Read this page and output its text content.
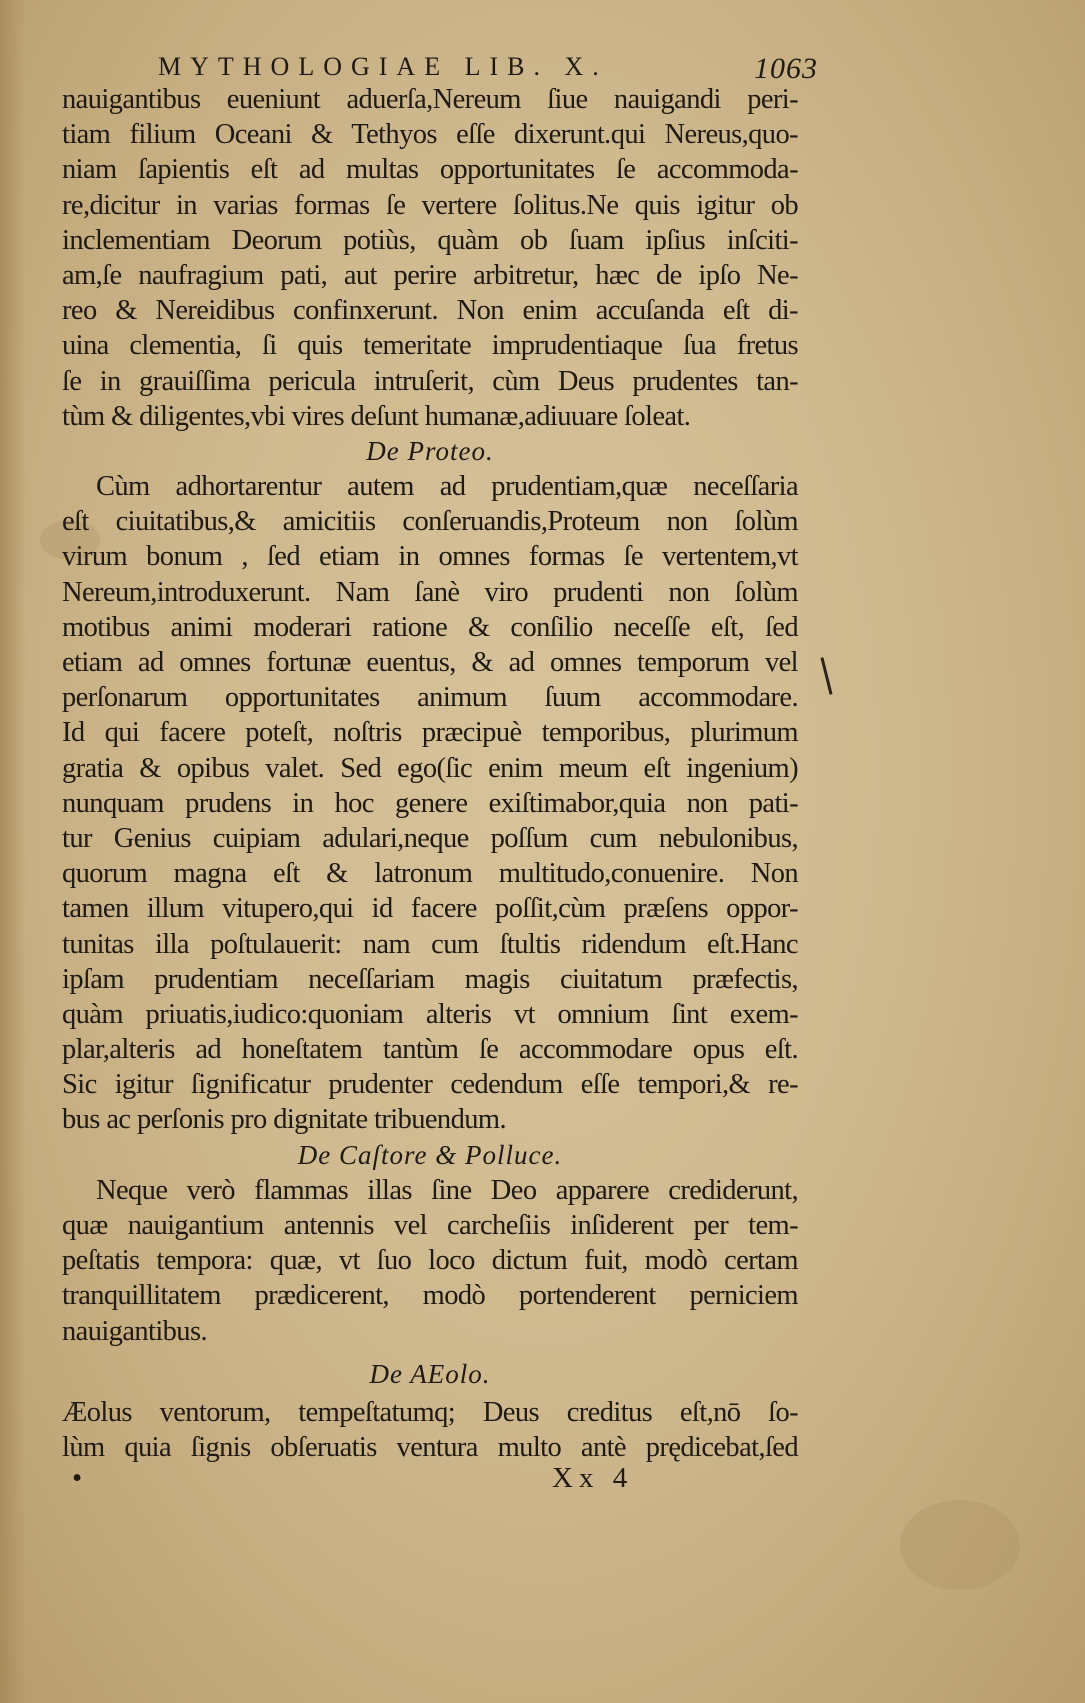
MYTHOLOGIAE LIB. X.	1063
nauigantibus eueniunt aduerſa,Nereum ſiue nauigandi peri-
tiam filium Oceani & Tethyos eſſe dixerunt.qui Nereus,quo-
niam ſapientis eſt ad multas opportunitates ſe accommoda-
re,dicitur in varias formas ſe vertere ſolitus.Ne quis igitur ob
inclementiam Deorum potiùs, quàm ob ſuam ipſius inſciti-
am,ſe naufragium pati, aut perire arbitretur, hæc de ipſo Ne-
reo & Nereidibus confinxerunt. Non enim accuſanda eſt di-
uina clementia, ſi quis temeritate imprudentiaque ſua fretus
ſe in grauiſſima pericula intruſerit, cùm Deus prudentes tan-
tùm & diligentes,vbi vires deſunt humanæ,adiuuare ſoleat.
De Proteo.
Cùm adhortarentur autem ad prudentiam,quæ neceſſaria
eſt ciuitatibus,& amicitiis conſeruandis,Proteum non ſolùm
virum bonum , ſed etiam in omnes formas ſe vertentem,vt
Nereum,introduxerunt. Nam ſanè viro prudenti non ſolùm
motibus animi moderari ratione & conſilio neceſſe eſt, ſed
etiam ad omnes fortunæ euentus, & ad omnes temporum vel
perſonarum opportunitates animum ſuum accommodare.
Id qui facere poteſt, noſtris præcipuè temporibus, plurimum
gratia & opibus valet. Sed ego(ſic enim meum eſt ingenium)
nunquam prudens in hoc genere exiſtimabor,quia non pati-
tur Genius cuipiam adulari,neque poſſum cum nebulonibus,
quorum magna eſt & latronum multitudo,conuenire. Non
tamen illum vitupero,qui id facere poſſit,cùm præſens oppor-
tunitas illa poſtulauerit: nam cum ſtultis ridendum eſt.Hanc
ipſam prudentiam neceſſariam magis ciuitatum præfectis,
quàm priuatis,iudico:quoniam alteris vt omnium ſint exem-
plar,alteris ad honeſtatem tantùm ſe accommodare opus eſt.
Sic igitur ſignificatur prudenter cedendum eſſe tempori,& re-
bus ac perſonis pro dignitate tribuendum.
De Caſtore & Polluce.
Neque verò flammas illas ſine Deo apparere crediderunt,
quæ nauigantium antennis vel carcheſiis inſiderent per tem-
peſtatis tempora: quæ, vt ſuo loco dictum fuit, modò certam
tranquillitatem prædicerent, modò portenderent perniciem
nauigantibus.
De AEolo.
Æolus ventorum, tempeſtatumq; Deus creditus eſt,nō ſo-
lùm quia ſignis obſeruatis ventura multo antè prędicebat,ſed
•	Xx 4
